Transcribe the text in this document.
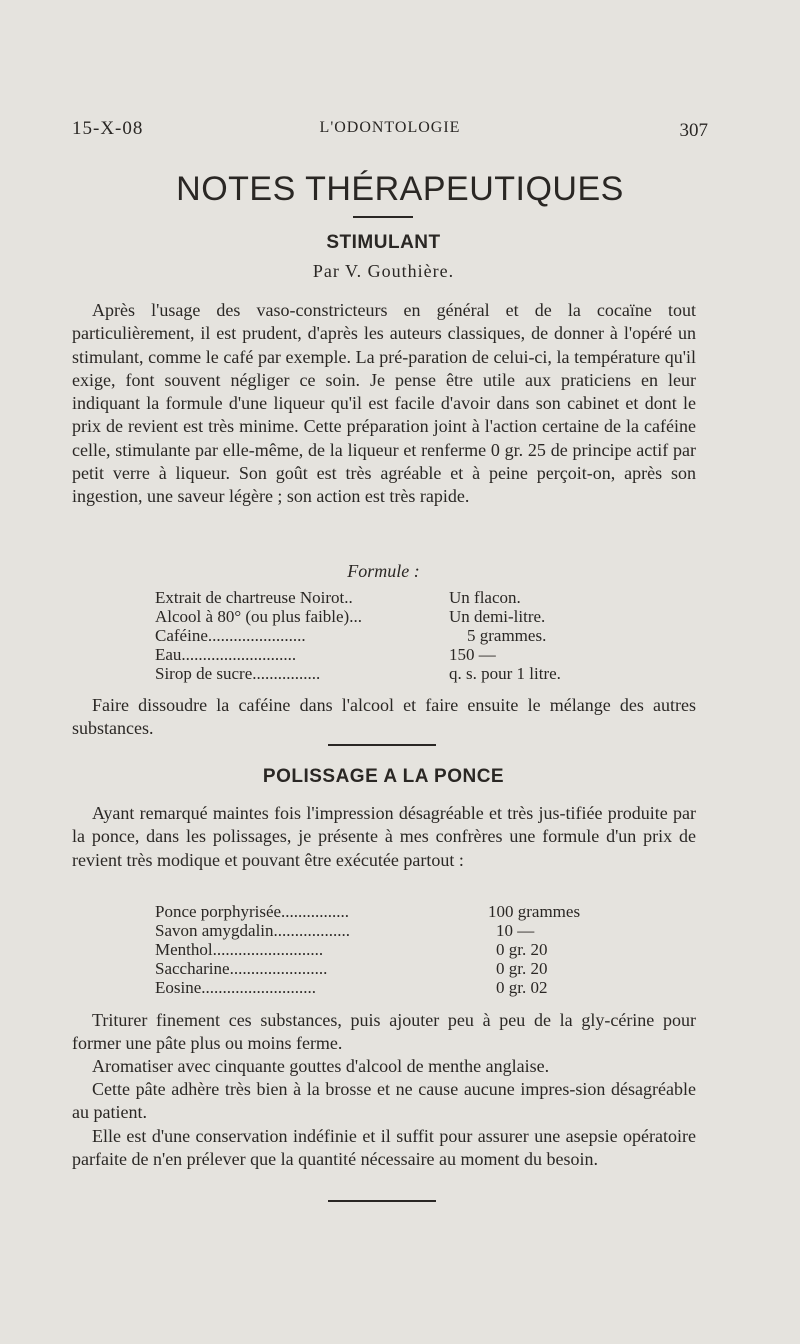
15-X-08	L'ODONTOLOGIE	307
NOTES THÉRAPEUTIQUES
STIMULANT
Par V. Gouthière.

Après l'usage des vaso-constricteurs en général et de la cocaïne tout particulièrement, il est prudent, d'après les auteurs classiques, de donner à l'opéré un stimulant, comme le café par exemple. La pré-paration de celui-ci, la température qu'il exige, font souvent négliger ce soin. Je pense être utile aux praticiens en leur indiquant la formule d'une liqueur qu'il est facile d'avoir dans son cabinet et dont le prix de revient est très minime. Cette préparation joint à l'action certaine de la caféine celle, stimulante par elle-même, de la liqueur et renferme 0 gr. 25 de principe actif par petit verre à liqueur. Son goût est très agréable et à peine perçoit-on, après son ingestion, une saveur légère ; son action est très rapide.

Formule :
Extrait de chartreuse Noirot..	Un flacon.
Alcool à 80° (ou plus faible)...	Un demi-litre.
Caféine.......................	5 grammes.
Eau...........................	150 —
Sirop de sucre................	q. s. pour 1 litre.

Faire dissoudre la caféine dans l'alcool et faire ensuite le mélange des autres substances.

POLISSAGE A LA PONCE

Ayant remarqué maintes fois l'impression désagréable et très jus-tifiée produite par la ponce, dans les polissages, je présente à mes confrères une formule d'un prix de revient très modique et pouvant être exécutée partout :

Ponce porphyrisée................	100 grammes
Savon amygdalin..................	10 —
Menthol..........................	0 gr. 20
Saccharine.......................	0 gr. 20
Eosine...........................	0 gr. 02

Triturer finement ces substances, puis ajouter peu à peu de la gly-cérine pour former une pâte plus ou moins ferme.

Aromatiser avec cinquante gouttes d'alcool de menthe anglaise.

Cette pâte adhère très bien à la brosse et ne cause aucune impres-sion désagréable au patient.

Elle est d'une conservation indéfinie et il suffit pour assurer une asepsie opératoire parfaite de n'en prélever que la quantité nécessaire au moment du besoin.
